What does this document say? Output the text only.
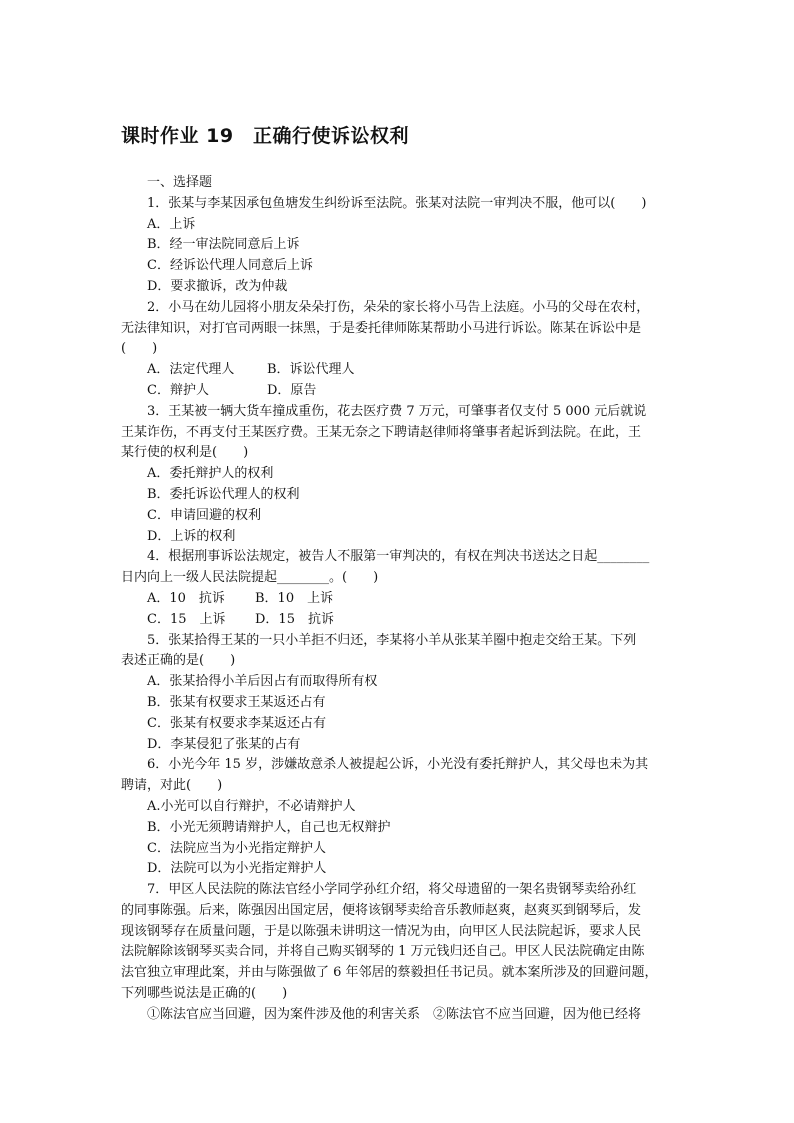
课时作业 19　正确行使诉讼权利
一、选择题
1．张某与李某因承包鱼塘发生纠纷诉至法院。张某对法院一审判决不服，他可以(　　)
A．上诉
B．经一审法院同意后上诉
C．经诉讼代理人同意后上诉
D．要求撤诉，改为仲裁
2．小马在幼儿园将小朋友朵朵打伤，朵朵的家长将小马告上法庭。小马的父母在农村，
无法律知识，对打官司两眼一抹黑，于是委托律师陈某帮助小马进行诉讼。陈某在诉讼中是
(　　)
A．法定代理人	B．诉讼代理人
C．辩护人	D．原告
3．王某被一辆大货车撞成重伤，花去医疗费 7 万元，可肇事者仅支付 5 000 元后就说
王某诈伤，不再支付王某医疗费。王某无奈之下聘请赵律师将肇事者起诉到法院。在此，王
某行使的权利是(　　)
A．委托辩护人的权利
B．委托诉讼代理人的权利
C．申请回避的权利
D．上诉的权利
4．根据刑事诉讼法规定，被告人不服第一审判决的，有权在判决书送达之日起________
日内向上一级人民法院提起________。(　　)
A．10　抗诉 B．10　上诉
C．15　上诉 D．15　抗诉
5．张某拾得王某的一只小羊拒不归还，李某将小羊从张某羊圈中抱走交给王某。下列
表述正确的是(　　)
A．张某拾得小羊后因占有而取得所有权
B．张某有权要求王某返还占有
C．张某有权要求李某返还占有
D．李某侵犯了张某的占有
6．小光今年 15 岁，涉嫌故意杀人被提起公诉，小光没有委托辩护人，其父母也未为其
聘请，对此(　　)
A.小光可以自行辩护，不必请辩护人
B．小光无须聘请辩护人，自己也无权辩护
C．法院应当为小光指定辩护人
D．法院可以为小光指定辩护人
7．甲区人民法院的陈法官经小学同学孙红介绍，将父母遗留的一架名贵钢琴卖给孙红
的同事陈强。后来，陈强因出国定居，便将该钢琴卖给音乐教师赵爽，赵爽买到钢琴后，发
现该钢琴存在质量问题，于是以陈强未讲明这一情况为由，向甲区人民法院起诉，要求人民
法院解除该钢琴买卖合同，并将自己购买钢琴的 1 万元钱归还自己。甲区人民法院确定由陈
法官独立审理此案，并由与陈强做了 6 年邻居的蔡毅担任书记员。就本案所涉及的回避问题，
下列哪些说法是正确的(　　)
①陈法官应当回避，因为案件涉及他的利害关系　②陈法官不应当回避，因为他已经将
